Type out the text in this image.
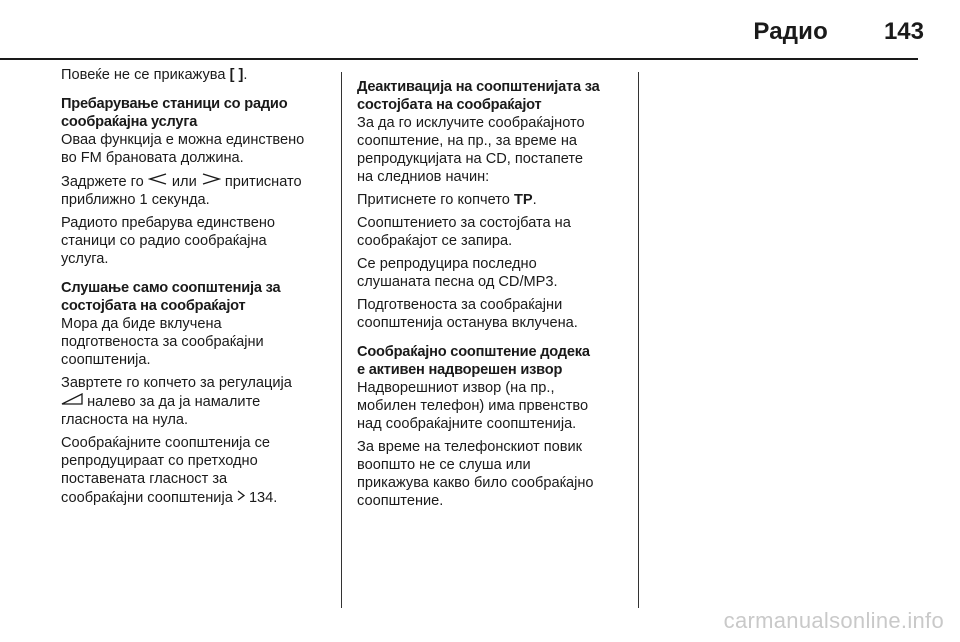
Радио 143

Повеќе не се прикажува [ ].

Пребарување станици со радио
сообраќајна услуга

Оваа функција е можна единствено
во FM брановата должина.

Задржете го или притиснато
приближно 1 секунда.

Радиото пребарува единствено
станици со радио сообраќајна
услуга.

Слушање само соопштенија за
состојбата на сообраќајот

Мора да биде вклучена
подготвеноста за сообраќајни
соопштенија.

Завртете го копчето за регулација
налево за да ја намалите
гласноста на нула.

Сообраќајните соопштенија се
репродуцираат со претходно
поставената гласност за
сообраќајни соопштенија 134.

Деактивација на соопштенијата за
состојбата на сообраќајот

За да го исклучите сообраќајното
соопштение, на пр., за време на
репродукцијата на CD, постапете
на следниов начин:

Притиснете го копчето TP.

Соопштението за состојбата на
сообраќајот се запира.

Се репродуцира последно
слушаната песна од CD/MP3.

Подготвеноста за сообраќајни
соопштенија останува вклучена.

Сообраќајно соопштение додека
е активен надворешен извор

Надворешниот извор (на пр.,
мобилен телефон) има првенство
над сообраќајните соопштенија.

За време на телефонскиот повик
воопшто не се слуша или
прикажува какво било сообраќајно
соопштение.

carmanualsonline.info
